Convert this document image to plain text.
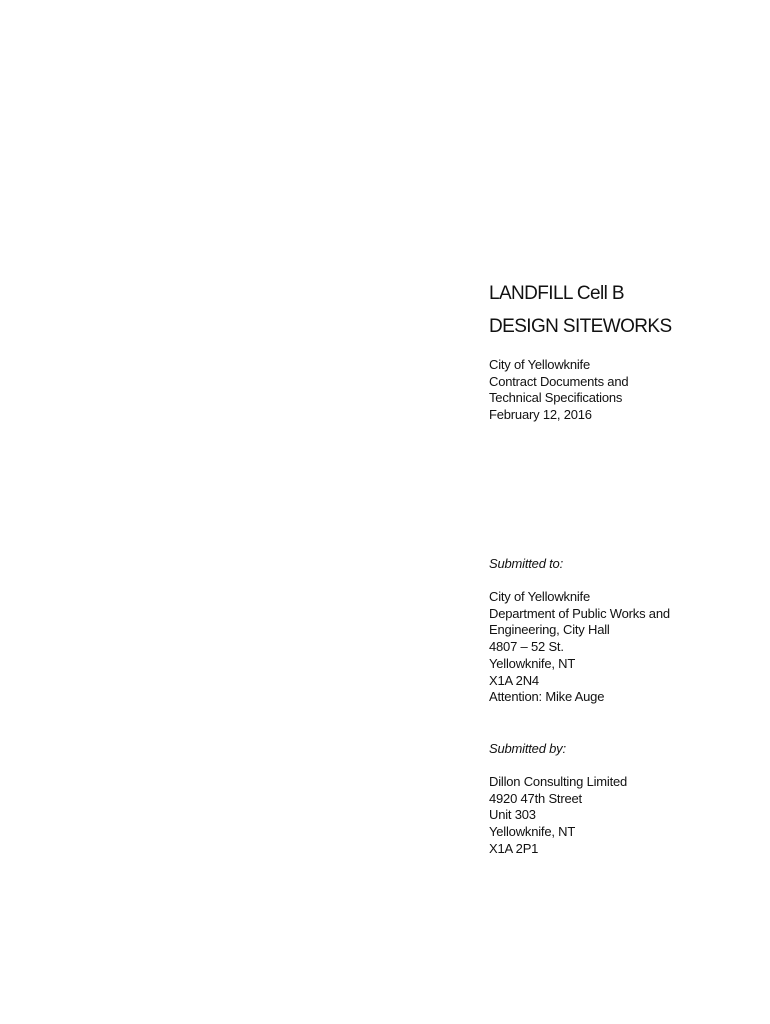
LANDFILL Cell B
DESIGN SITEWORKS
City of Yellowknife
Contract Documents and
Technical Specifications
February 12, 2016
Submitted to:
City of Yellowknife
Department of Public Works and
Engineering, City Hall
4807 – 52 St.
Yellowknife, NT
X1A 2N4
Attention: Mike Auge
Submitted by:
Dillon Consulting Limited
4920 47th Street
Unit 303
Yellowknife, NT
X1A 2P1
